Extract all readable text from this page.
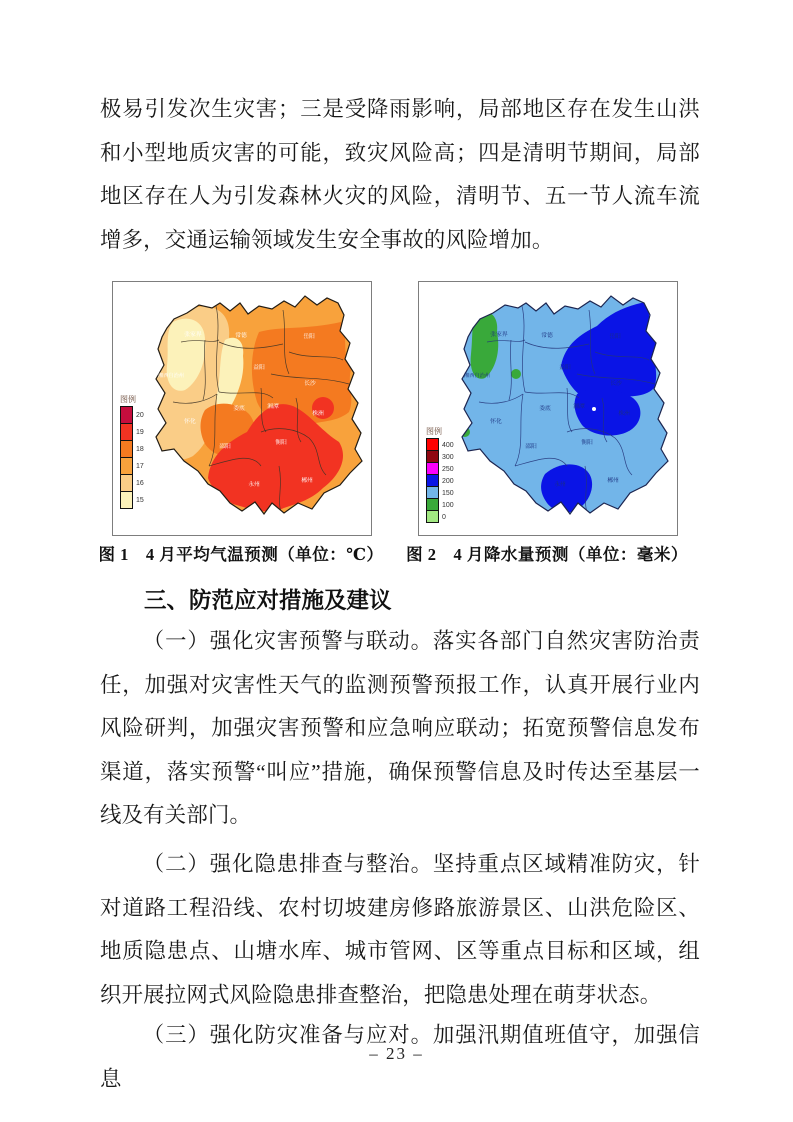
极易引发次生灾害；三是受降雨影响，局部地区存在发生山洪和小型地质灾害的可能，致灾风险高；四是清明节期间，局部地区存在人为引发森林火灾的风险，清明节、五一节人流车流增多，交通运输领域发生安全事故的风险增加。

张家界	常德	岳阳
湘西自治州
益阳
长沙
娄底	湘潭
株洲
怀化
邵阳
衡阳
永州
郴州
图例
20
19
18
17
16
15
张家界	常德	岳阳
湘西自治州
益阳
长沙
娄底	湘潭
株洲
怀化
邵阳
衡阳
永州
郴州
图例
400
300
250
200
150
100
0
图 1　4 月平均气温预测（单位：℃）	图 2　4 月降水量预测（单位：毫米）
三、防范应对措施及建议

（一）强化灾害预警与联动。落实各部门自然灾害防治责任，加强对灾害性天气的监测预警预报工作，认真开展行业内风险研判，加强灾害预警和应急响应联动；拓宽预警信息发布渠道，落实预警“叫应”措施，确保预警信息及时传达至基层一线及有关部门。

（二）强化隐患排查与整治。坚持重点区域精准防灾，针对道路工程沿线、农村切坡建房修路旅游景区、山洪危险区、地质隐患点、山塘水库、城市管网、区等重点目标和区域，组织开展拉网式风险隐患排查整治，把隐患处理在萌芽状态。

（三）强化防灾准备与应对。加强汛期值班值守，加强信息

– 23 –
